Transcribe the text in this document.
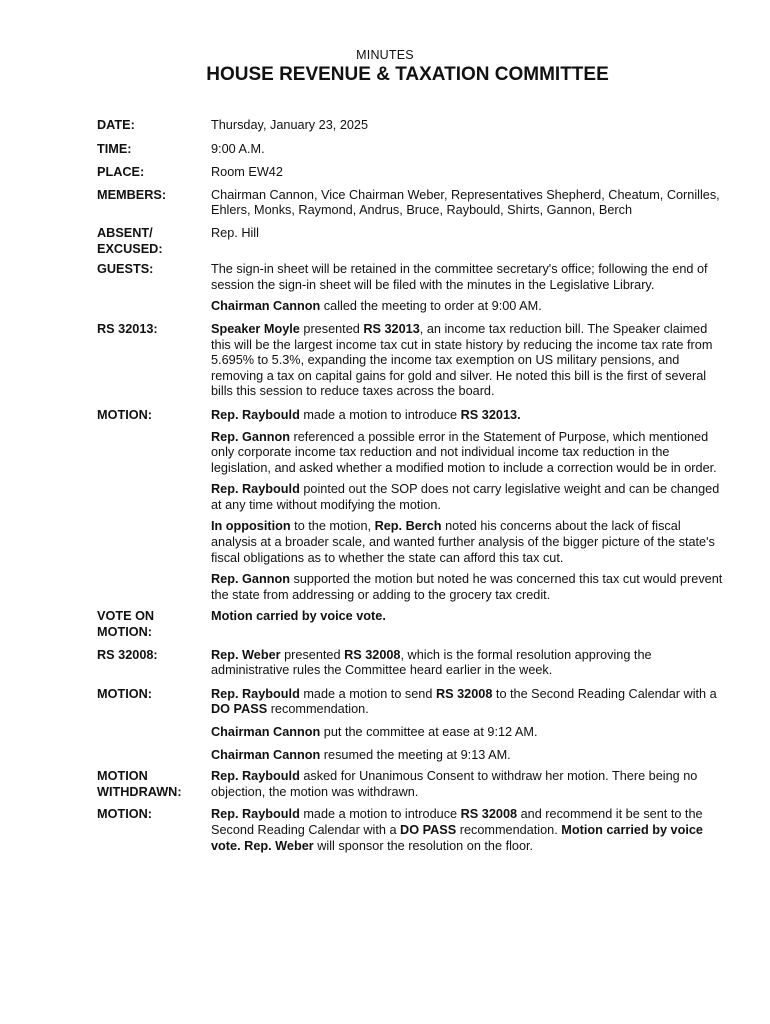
MINUTES
HOUSE REVENUE & TAXATION COMMITTEE
DATE:	Thursday, January 23, 2025
TIME:	9:00 A.M.
PLACE:	Room EW42
MEMBERS:	Chairman Cannon, Vice Chairman Weber, Representatives Shepherd, Cheatum, Cornilles, Ehlers, Monks, Raymond, Andrus, Bruce, Raybould, Shirts, Gannon, Berch
ABSENT/
EXCUSED:
Rep. Hill
GUESTS:	The sign-in sheet will be retained in the committee secretary's office; following the end of session the sign-in sheet will be filed with the minutes in the Legislative Library.
Chairman Cannon called the meeting to order at 9:00 AM.
RS 32013:	Speaker Moyle presented RS 32013, an income tax reduction bill. The Speaker claimed this will be the largest income tax cut in state history by reducing the income tax rate from 5.695% to 5.3%, expanding the income tax exemption on US military pensions, and removing a tax on capital gains for gold and silver. He noted this bill is the first of several bills this session to reduce taxes across the board.
MOTION:	Rep. Raybould made a motion to introduce RS 32013.
Rep. Gannon referenced a possible error in the Statement of Purpose, which mentioned only corporate income tax reduction and not individual income tax reduction in the legislation, and asked whether a modified motion to include a correction would be in order.
Rep. Raybould pointed out the SOP does not carry legislative weight and can be changed at any time without modifying the motion.
In opposition to the motion, Rep. Berch noted his concerns about the lack of fiscal analysis at a broader scale, and wanted further analysis of the bigger picture of the state's fiscal obligations as to whether the state can afford this tax cut.
Rep. Gannon supported the motion but noted he was concerned this tax cut would prevent the state from addressing or adding to the grocery tax credit.
VOTE ON
MOTION:
Motion carried by voice vote.
RS 32008:	Rep. Weber presented RS 32008, which is the formal resolution approving the administrative rules the Committee heard earlier in the week.
MOTION:	Rep. Raybould made a motion to send RS 32008 to the Second Reading Calendar with a DO PASS recommendation.
Chairman Cannon put the committee at ease at 9:12 AM.
Chairman Cannon resumed the meeting at 9:13 AM.
MOTION
WITHDRAWN:
Rep. Raybould asked for Unanimous Consent to withdraw her motion. There being no objection, the motion was withdrawn.
MOTION:	Rep. Raybould made a motion to introduce RS 32008 and recommend it be sent to the Second Reading Calendar with a DO PASS recommendation. Motion carried by voice vote. Rep. Weber will sponsor the resolution on the floor.
